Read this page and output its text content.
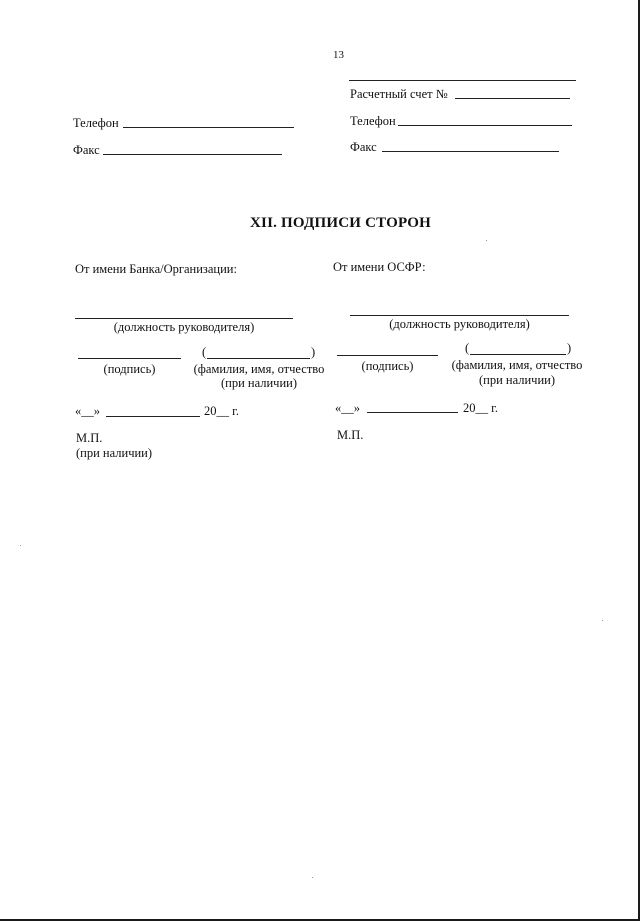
13
Расчетный счет №
Телефон	Телефон
Факс	Факс
XII. ПОДПИСИ СТОРОН
От имени Банка/Организации:
(должность руководителя)
(	)
(подпись)	(фамилия, имя, отчество
(при наличии)
«__»	20__ г.
М.П.
(при наличии)
От имени ОСФР:
(должность руководителя)
(	)
(подпись)	(фамилия, имя, отчество
(при наличии)
«__»	20__ г.
М.П.
